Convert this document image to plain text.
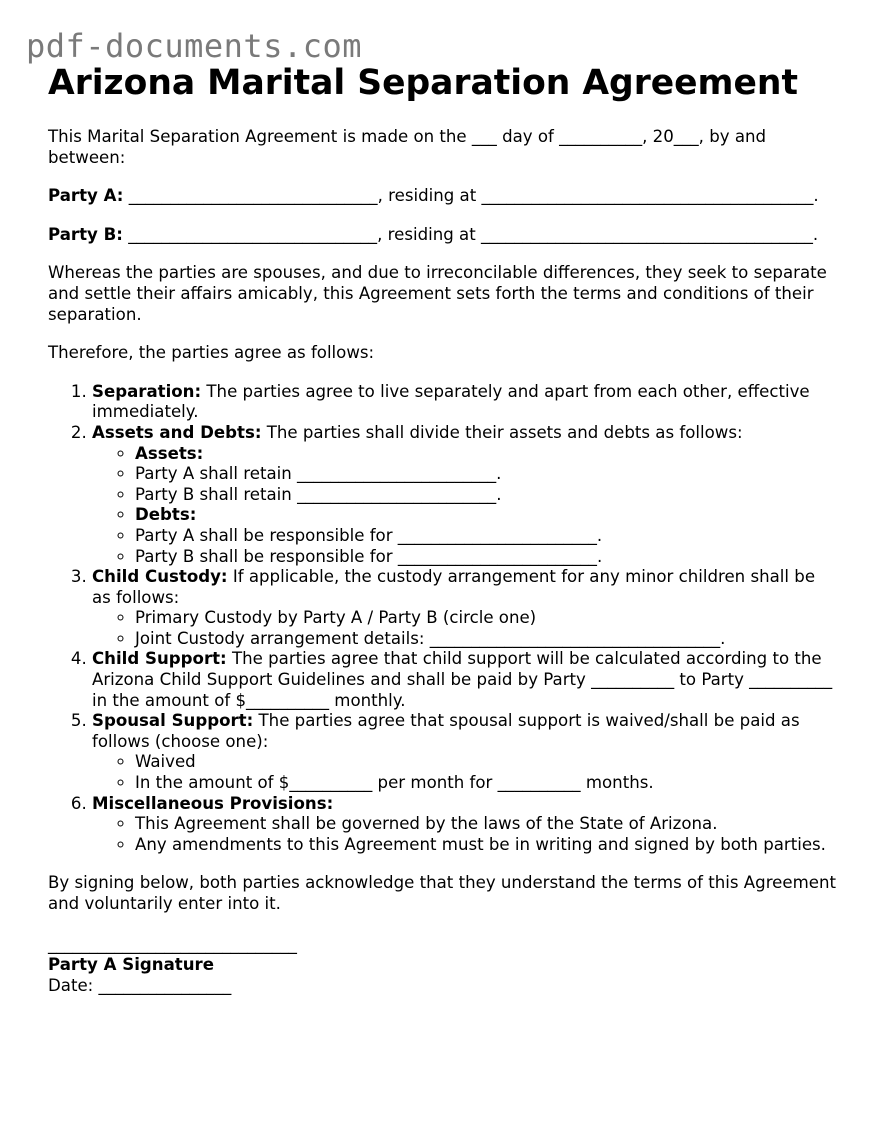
pdf-documents.com
Arizona Marital Separation Agreement

This Marital Separation Agreement is made on the ___ day of __________, 20___, by and between:

Party A: ______________________________, residing at ________________________________________.

Party B: ______________________________, residing at ________________________________________.

Whereas the parties are spouses, and due to irreconcilable differences, they seek to separate and settle their affairs amicably, this Agreement sets forth the terms and conditions of their separation.

Therefore, the parties agree as follows:

1. Separation: The parties agree to live separately and apart from each other, effective immediately.
2. Assets and Debts: The parties shall divide their assets and debts as follows:
◦ Assets:
◦ Party A shall retain ________________________.
◦ Party B shall retain ________________________.
◦ Debts:
◦ Party A shall be responsible for ________________________.
◦ Party B shall be responsible for ________________________.
3. Child Custody: If applicable, the custody arrangement for any minor children shall be as follows:
◦ Primary Custody by Party A / Party B (circle one)
◦ Joint Custody arrangement details: ___________________________________.
4. Child Support: The parties agree that child support will be calculated according to the Arizona Child Support Guidelines and shall be paid by Party __________ to Party __________ in the amount of $__________ monthly.
5. Spousal Support: The parties agree that spousal support is waived/shall be paid as follows (choose one):
◦ Waived
◦ In the amount of $__________ per month for __________ months.
6. Miscellaneous Provisions:
◦ This Agreement shall be governed by the laws of the State of Arizona.
◦ Any amendments to this Agreement must be in writing and signed by both parties.

By signing below, both parties acknowledge that they understand the terms of this Agreement and voluntarily enter into it.

______________________________

Party A Signature

Date: ________________
